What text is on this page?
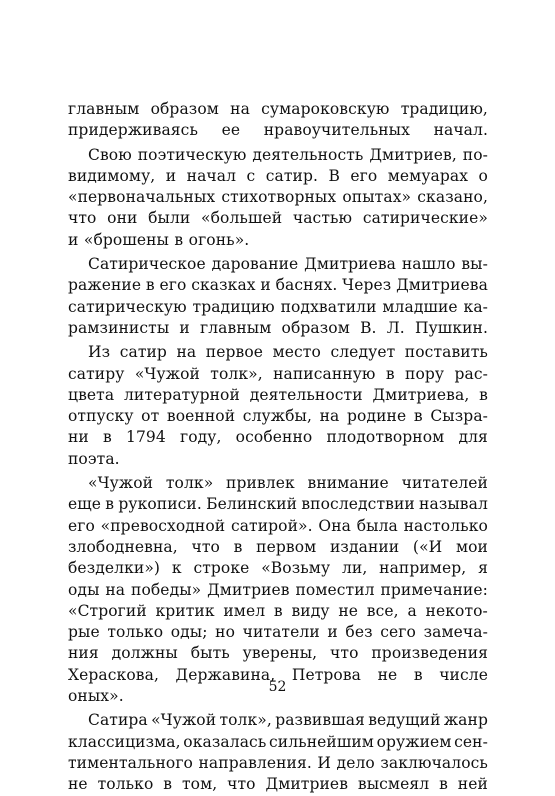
главным образом на сумароковскую традицию,
придерживаясь ее нравоучительных начал.
Свою поэтическую деятельность Дмитриев, по-
видимому, и начал с сатир. В его мемуарах о
«первоначальных стихотворных опытах» сказано,
что они были «большей частью сатирические»
и «брошены в огонь».
Сатирическое дарование Дмитриева нашло вы-
ражение в его сказках и баснях. Через Дмитриева
сатирическую традицию подхватили младшие ка-
рамзинисты и главным образом В. Л. Пушкин.
Из сатир на первое место следует поставить
сатиру «Чужой толк», написанную в пору рас-
цвета литературной деятельности Дмитриева, в
отпуску от военной службы, на родине в Сызра-
ни в 1794 году, особенно плодотворном для
поэта.
«Чужой толк» привлек внимание читателей
еще в рукописи. Белинский впоследствии называл
его «превосходной сатирой». Она была настолько
злободневна, что в первом издании («И мои
безделки») к строке «Возьму ли, например, я
оды на победы» Дмитриев поместил примечание:
«Строгий критик имел в виду не все, а некото-
рые только оды; но читатели и без сего замеча-
ния должны быть уверены, что произведения
Хераскова, Державина, Петрова не в числе
оных».
Сатира «Чужой толк», развившая ведущий жанр
классицизма, оказалась сильнейшим оружием сен-
тиментального направления. И дело заключалось
не только в том, что Дмитриев высмеял в ней
52
